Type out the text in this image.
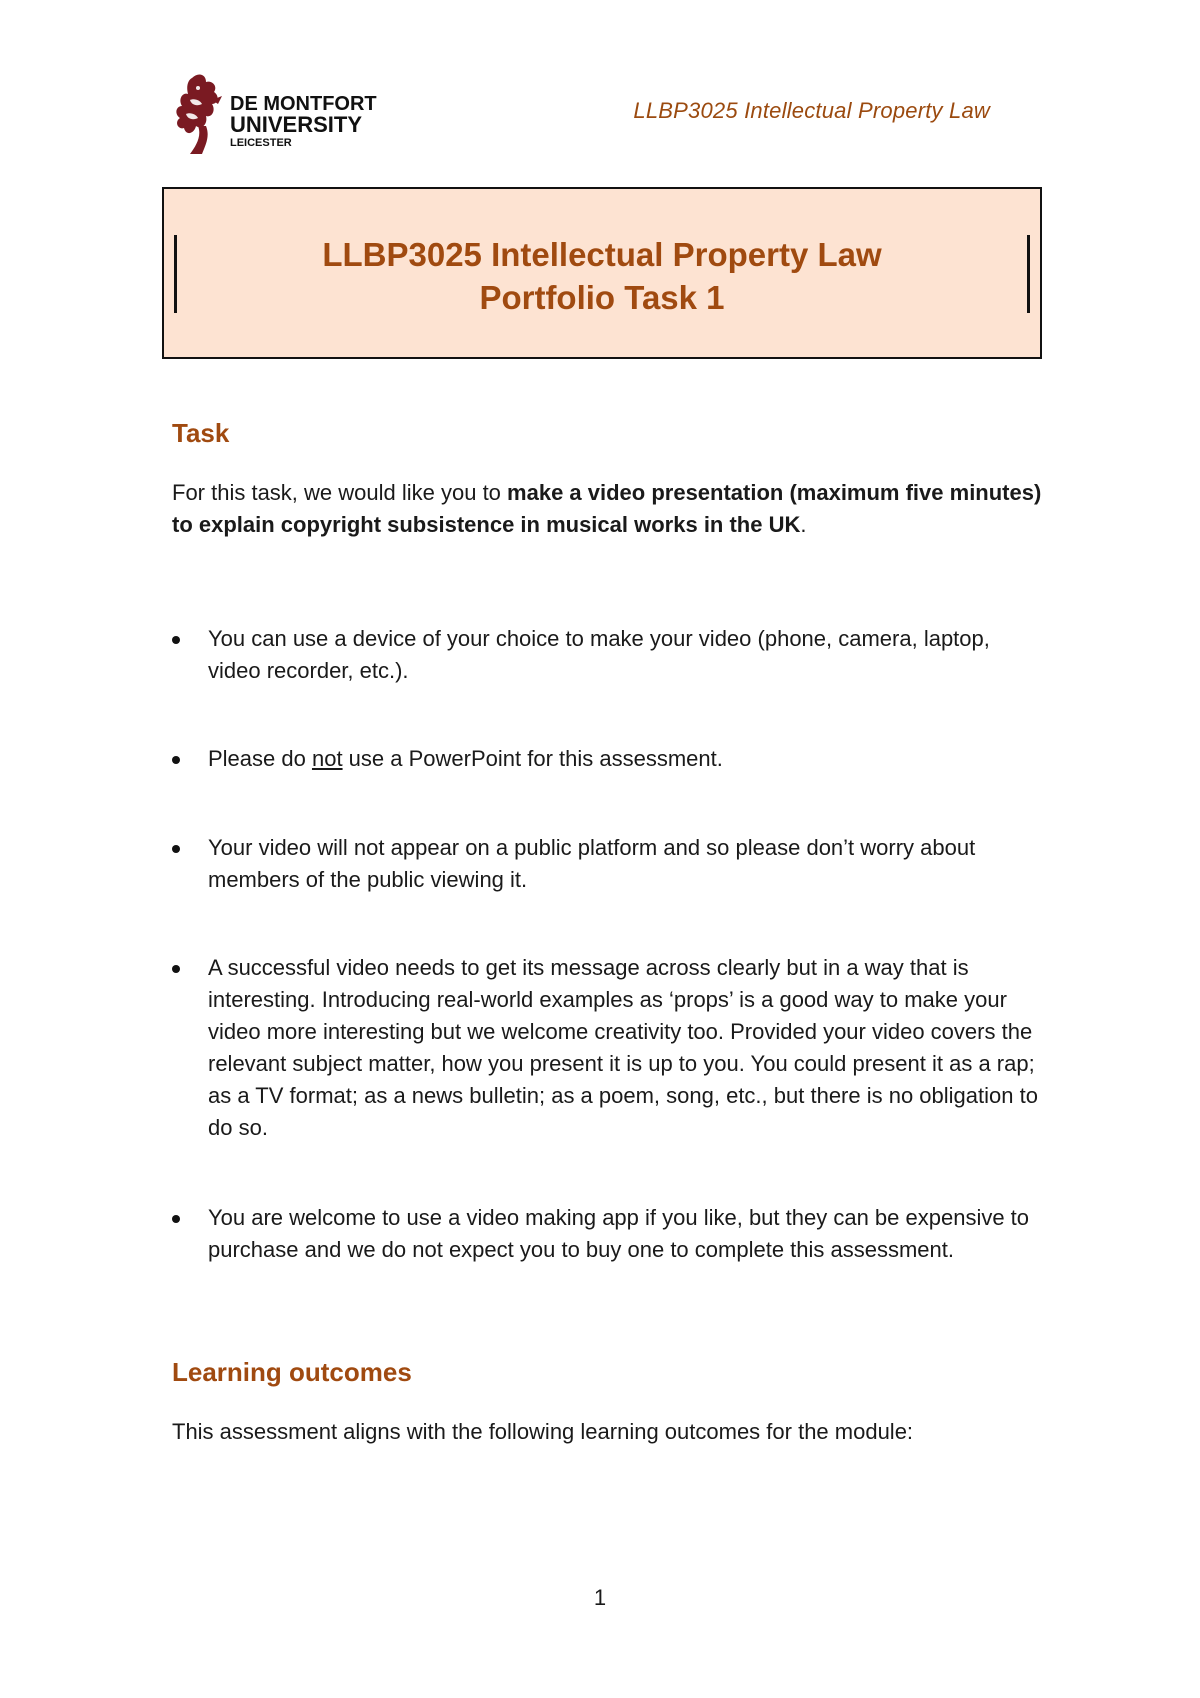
DE MONTFORT
UNIVERSITY
LEICESTER
LLBP3025 Intellectual Property Law
LLBP3025 Intellectual Property Law
Portfolio Task 1
Task
For this task, we would like you to make a video presentation (maximum five minutes) to explain copyright subsistence in musical works in the UK.
You can use a device of your choice to make your video (phone, camera, laptop, video recorder, etc.).
Please do not use a PowerPoint for this assessment.
Your video will not appear on a public platform and so please don’t worry about members of the public viewing it.
A successful video needs to get its message across clearly but in a way that is interesting. Introducing real-world examples as ‘props’ is a good way to make your video more interesting but we welcome creativity too. Provided your video covers the relevant subject matter, how you present it is up to you. You could present it as a rap; as a TV format; as a news bulletin; as a poem, song, etc., but there is no obligation to do so.
You are welcome to use a video making app if you like, but they can be expensive to purchase and we do not expect you to buy one to complete this assessment.
Learning outcomes
This assessment aligns with the following learning outcomes for the module:
1
